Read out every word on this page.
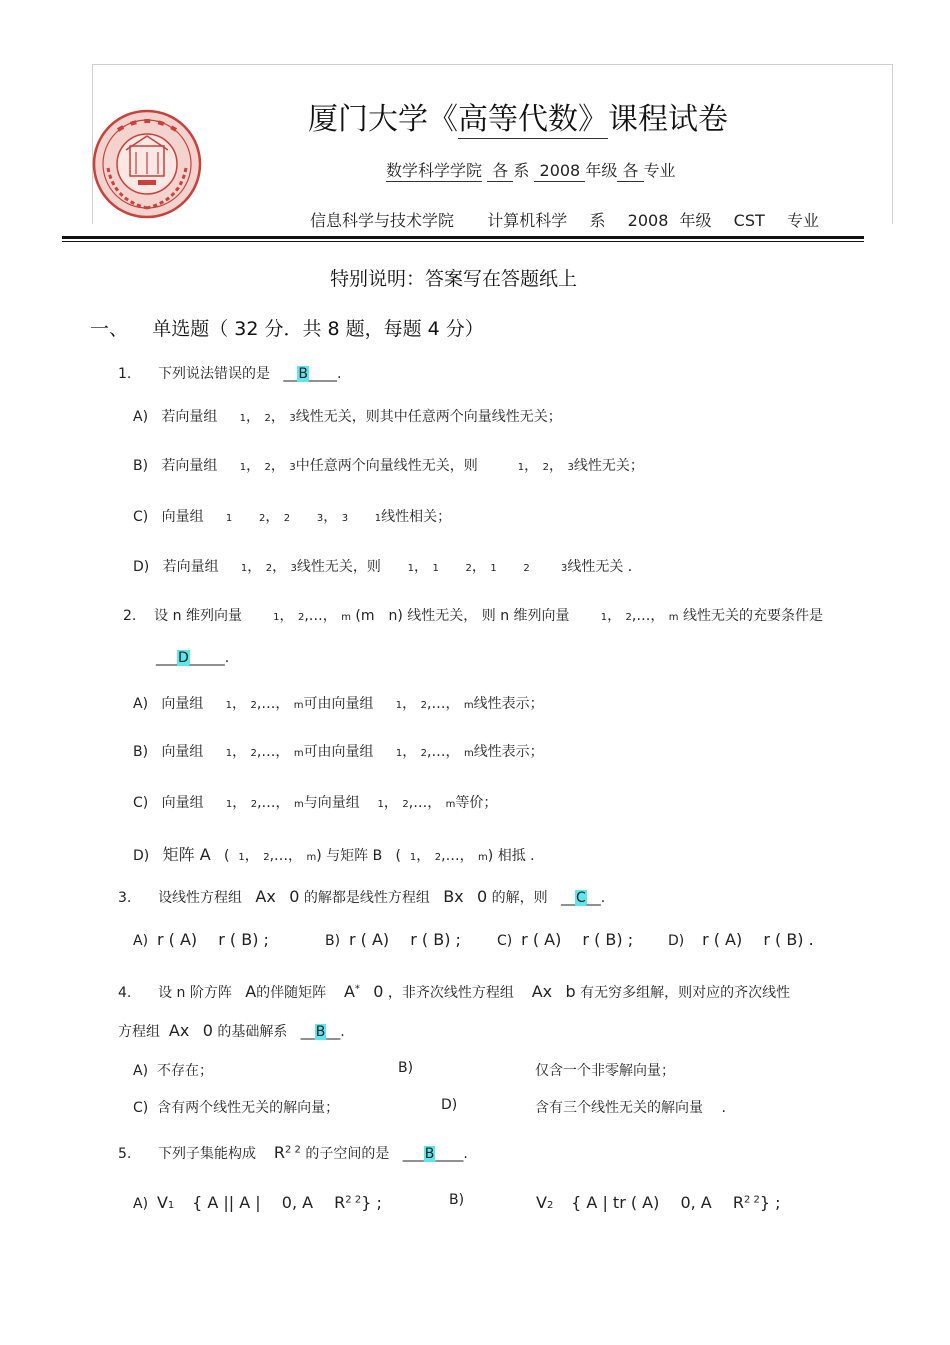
厦门大学《高等代数》课程试卷
数学科学学院 各 系 2008 年级 各 专业
信息科学与技术学院 计算机科学 系 2008 年级 CST 专业
特别说明：答案写在答题纸上
一、 单选题（ 32 分．共 8 题，每题 4 分）
1. 下列说法错误的是   __B____.
A) 若向量组 1， 2， 3线性无关，则其中任意两个向量线性无关；
B) 若向量组 1， 2， 3中任意两个向量线性无关，则	1， 2， 3线性无关；
C) 向量组 1	2， 2	3， 3	1线性相关；
D) 若向量组 1， 2， 3线性无关，则	1， 1	2， 1	2	3线性无关 ．
2. 设 n 维列向量	1， 2,…， m (m　n) 线性无关， 则 n 维列向量	1， 2,…， m 线性无关的充要条件是
___D_____.
A) 向量组 1， 2,…， m可由向量组 1， 2,…， m线性表示；
B) 向量组 1， 2,…， m可由向量组 1， 2,…， m线性表示；
C) 向量组 1， 2,…， m与向量组 1， 2,…， m等价；
D) 矩阵 A   (  1， 2,…， m) 与矩阵 B   (  1， 2,…， m) 相抵 .
3. 设线性方程组 Ax 0 的解都是线性方程组 Bx 0 的解，则   __C__.
A) r ( A)　 r ( B) ;	B) r ( A)　 r ( B) ;	C) r ( A)　 r ( B) ; D) r ( A)　 r ( B) .
4. 设 n 阶方阵 A的伴随矩阵 A* 0 ，非齐次线性方程组 Ax b 有无穷多组解，则对应的齐次线性
方程组 Ax 0 的基础解系   __B__.
A) 不存在；	B)	仅含一个非零解向量；
C) 含有两个线性无关的解向量；	D)	含有三个线性无关的解向量　 .
5. 下列子集能构成 $R^{2 2}$ 的子空间的是   ___B____.
A) V1 { A || A |　 0, A　 $R^{2 2}$} ;	B)	V2 { A | tr ( A)　 0, A　 $R^{2 2}$} ;
